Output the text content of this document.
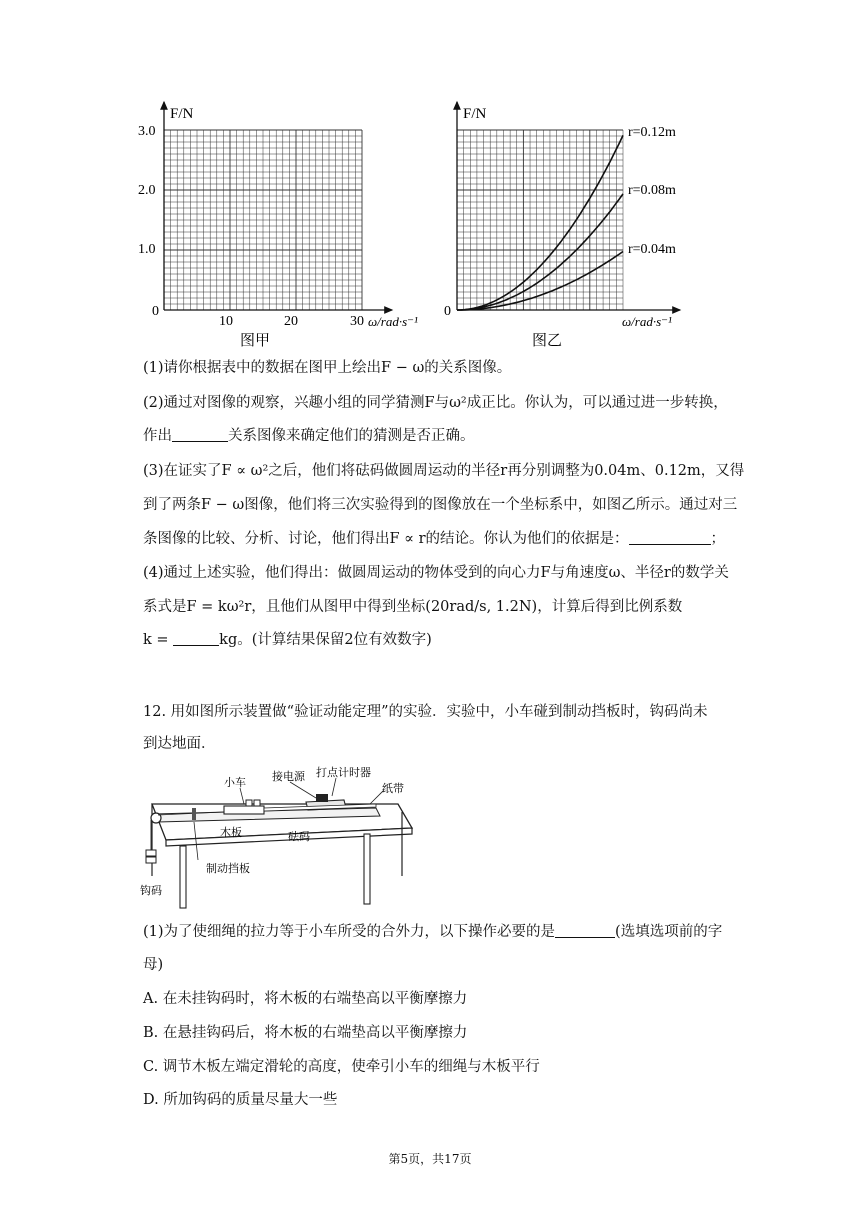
F/N
3.0
2.0
1.0
0
10	20	30 ω/rad·s⁻¹
图甲
F/N
0
r=0.12m
r=0.08m
r=0.04m
ω/rad·s⁻¹
图乙
(1)请你根据表中的数据在图甲上绘出F − ω的关系图像。
(2)通过对图像的观察，兴趣小组的同学猜测F与ω²成正比。你认为，可以通过进一步转换，
作出	关系图像来确定他们的猜测是否正确。
(3)在证实了F ∝ ω²之后，他们将砝码做圆周运动的半径r再分别调整为0.04m、0.12m，又得
到了两条F − ω图像，他们将三次实验得到的图像放在一个坐标系中，如图乙所示。通过对三
条图像的比较、分析、讨论，他们得出F ∝ r的结论。你认为他们的依据是：	；
(4)通过上述实验，他们得出：做圆周运动的物体受到的向心力F与角速度ω、半径r的数学关
系式是F = kω²r，且他们从图甲中得到坐标(20rad/s, 1.2N)，计算后得到比例系数
k =	kg。(计算结果保留2位有效数字)
12. 用如图所示装置做“验证动能定理”的实验．实验中，小车碰到制动挡板时，钩码尚未
到达地面．
小车 接电源 打点计时器
纸带
木板	砝码
制动挡板
钩码
(1)为了使细绳的拉力等于小车所受的合外力，以下操作必要的是	(选填选项前的字
母)
A. 在未挂钩码时，将木板的右端垫高以平衡摩擦力
B. 在悬挂钩码后，将木板的右端垫高以平衡摩擦力
C. 调节木板左端定滑轮的高度，使牵引小车的细绳与木板平行
D. 所加钩码的质量尽量大一些
第5页，共17页
